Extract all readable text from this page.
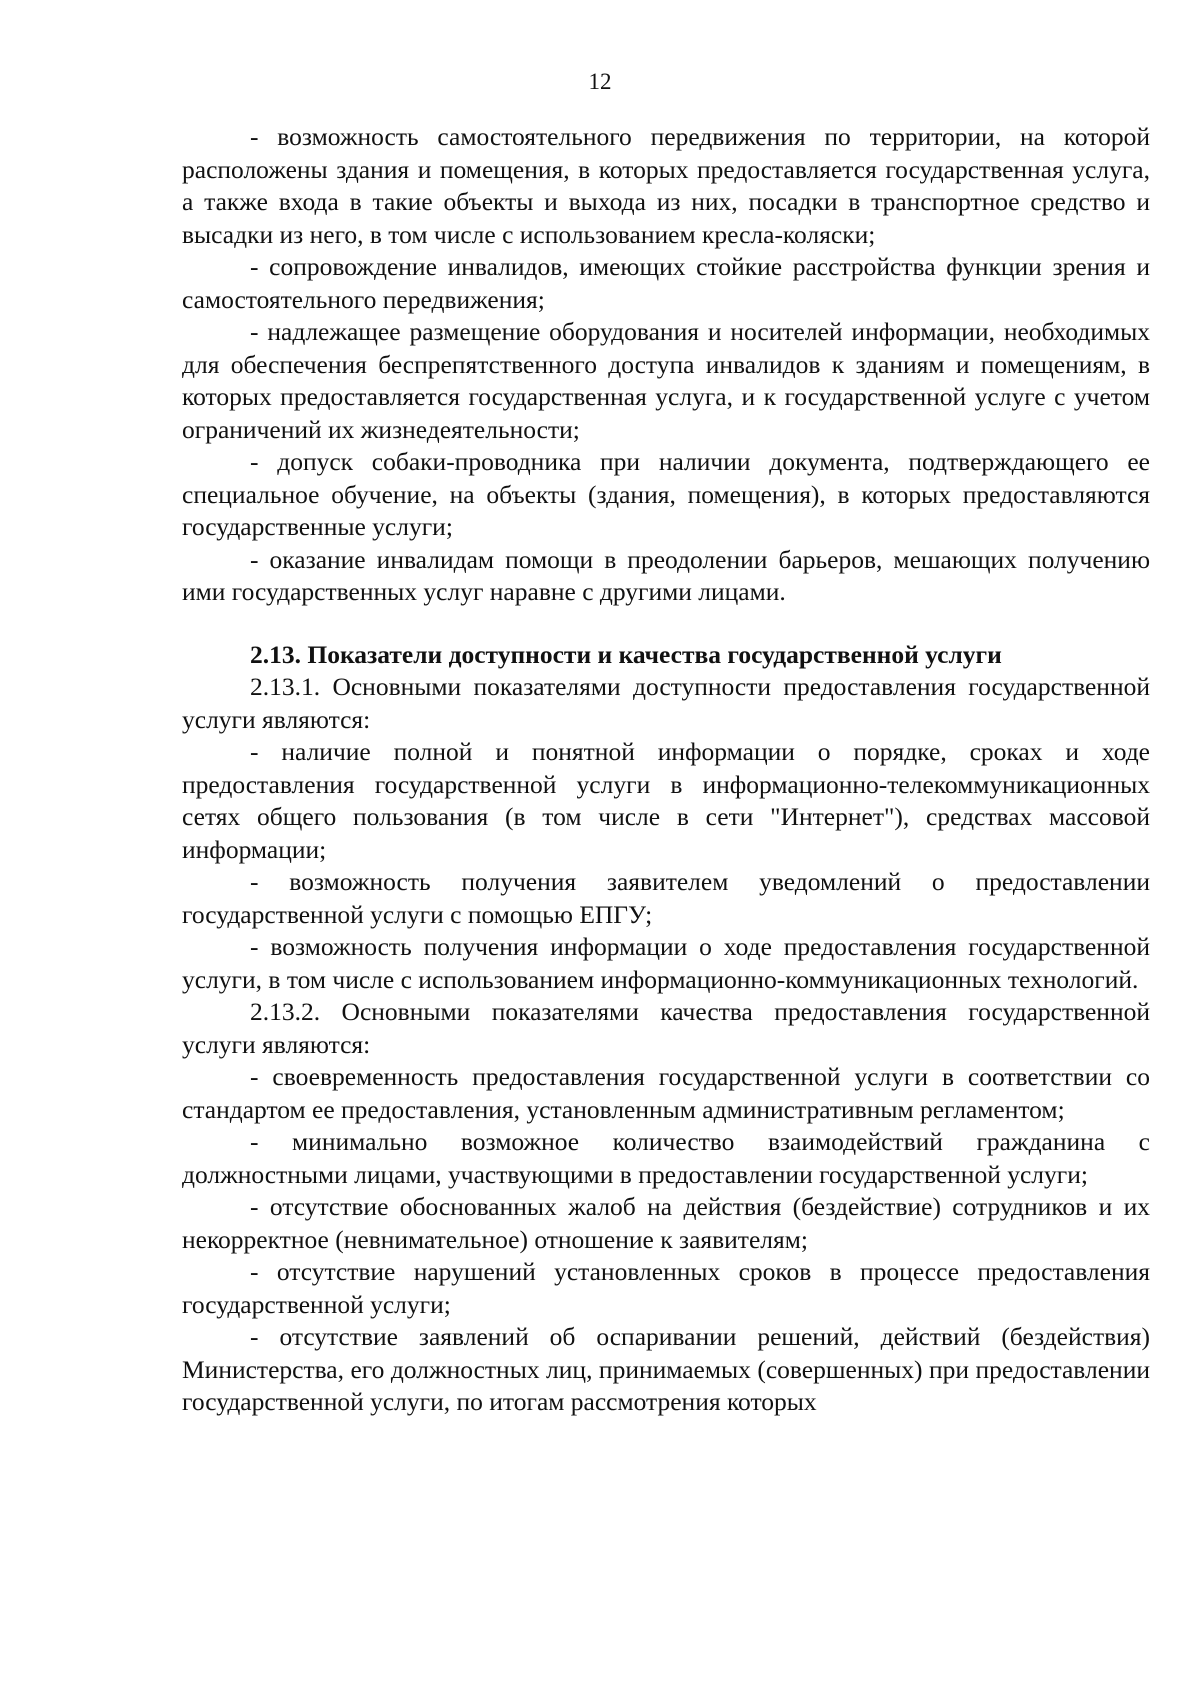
12

- возможность самостоятельного передвижения по территории, на которой расположены здания и помещения, в которых предоставляется государственная услуга, а также входа в такие объекты и выхода из них, посадки в транспортное средство и высадки из него, в том числе с использованием кресла-коляски;

- сопровождение инвалидов, имеющих стойкие расстройства функции зрения и самостоятельного передвижения;

- надлежащее размещение оборудования и носителей информации, необходимых для обеспечения беспрепятственного доступа инвалидов к зданиям и помещениям, в которых предоставляется государственная услуга, и к государственной услуге с учетом ограничений их жизнедеятельности;

- допуск собаки-проводника при наличии документа, подтверждающего ее специальное обучение, на объекты (здания, помещения), в которых предоставляются государственные услуги;

- оказание инвалидам помощи в преодолении барьеров, мешающих получению ими государственных услуг наравне с другими лицами.

2.13. Показатели доступности и качества государственной услуги

2.13.1. Основными показателями доступности предоставления государственной услуги являются:

- наличие полной и понятной информации о порядке, сроках и ходе предоставления государственной услуги в информационно-телекоммуникационных сетях общего пользования (в том числе в сети "Интернет"), средствах массовой информации;

- возможность получения заявителем уведомлений о предоставлении государственной услуги с помощью ЕПГУ;

- возможность получения информации о ходе предоставления государственной услуги, в том числе с использованием информационно-коммуникационных технологий.

2.13.2. Основными показателями качества предоставления государственной услуги являются:

- своевременность предоставления государственной услуги в соответствии со стандартом ее предоставления, установленным административным регламентом;

- минимально возможное количество взаимодействий гражданина с должностными лицами, участвующими в предоставлении государственной услуги;

- отсутствие обоснованных жалоб на действия (бездействие) сотрудников и их некорректное (невнимательное) отношение к заявителям;

- отсутствие нарушений установленных сроков в процессе предоставления государственной услуги;

- отсутствие заявлений об оспаривании решений, действий (бездействия) Министерства, его должностных лиц, принимаемых (совершенных) при предоставлении государственной услуги, по итогам рассмотрения которых
